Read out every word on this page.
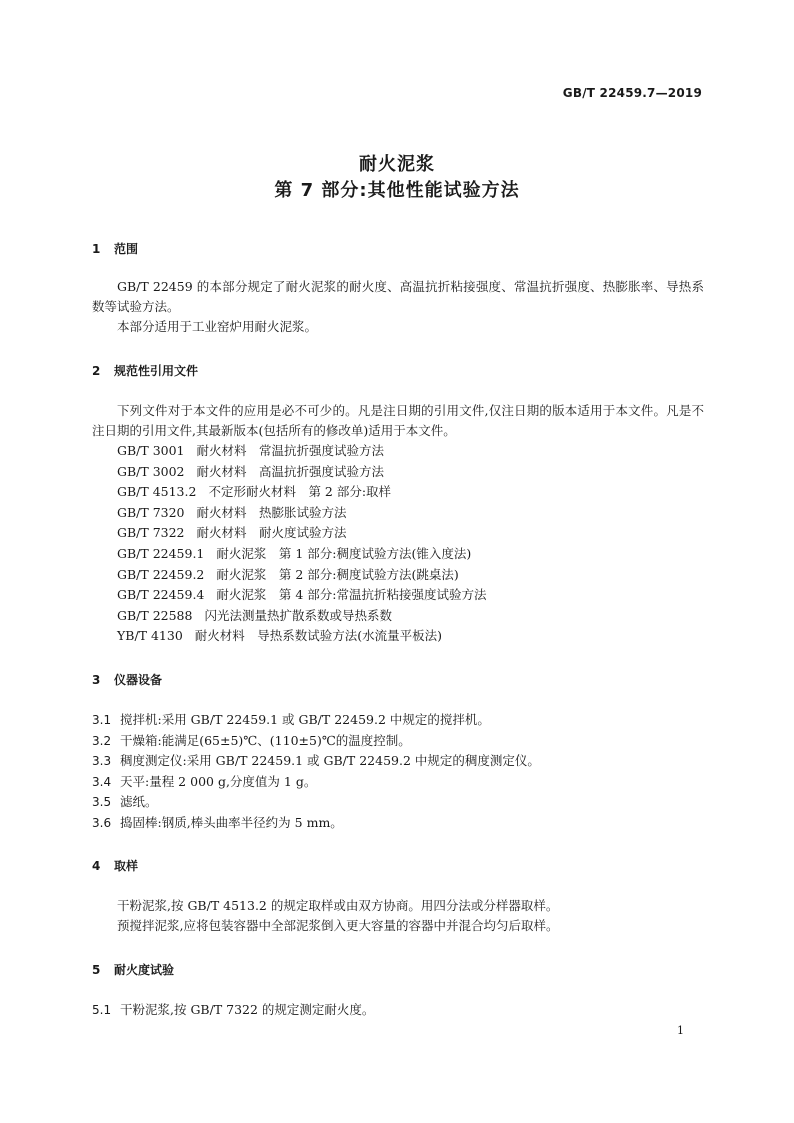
GB/T 22459.7—2019
耐火泥浆
第 7 部分:其他性能试验方法
1 范围

GB/T 22459 的本部分规定了耐火泥浆的耐火度、高温抗折粘接强度、常温抗折强度、热膨胀率、导热系数等试验方法。

本部分适用于工业窑炉用耐火泥浆。

2 规范性引用文件

下列文件对于本文件的应用是必不可少的。凡是注日期的引用文件,仅注日期的版本适用于本文件。凡是不注日期的引用文件,其最新版本(包括所有的修改单)适用于本文件。

GB/T 3001 耐火材料　常温抗折强度试验方法
GB/T 3002 耐火材料　高温抗折强度试验方法
GB/T 4513.2 不定形耐火材料　第 2 部分:取样
GB/T 7320 耐火材料　热膨胀试验方法
GB/T 7322 耐火材料　耐火度试验方法
GB/T 22459.1 耐火泥浆　第 1 部分:稠度试验方法(锥入度法)
GB/T 22459.2 耐火泥浆　第 2 部分:稠度试验方法(跳桌法)
GB/T 22459.4 耐火泥浆　第 4 部分:常温抗折粘接强度试验方法
GB/T 22588 闪光法测量热扩散系数或导热系数
YB/T 4130 耐火材料　导热系数试验方法(水流量平板法)
3 仪器设备
3.1 搅拌机:采用 GB/T 22459.1 或 GB/T 22459.2 中规定的搅拌机。
3.2 干燥箱:能满足(65±5)℃、(110±5)℃的温度控制。
3.3 稠度测定仪:采用 GB/T 22459.1 或 GB/T 22459.2 中规定的稠度测定仪。
3.4 天平:量程 2 000 g,分度值为 1 g。
3.5 滤纸。
3.6 捣固棒:钢质,棒头曲率半径约为 5 mm。
4 取样

干粉泥浆,按 GB/T 4513.2 的规定取样或由双方协商。用四分法或分样器取样。

预搅拌泥浆,应将包装容器中全部泥浆倒入更大容量的容器中并混合均匀后取样。

5 耐火度试验
5.1 干粉泥浆,按 GB/T 7322 的规定测定耐火度。
1
